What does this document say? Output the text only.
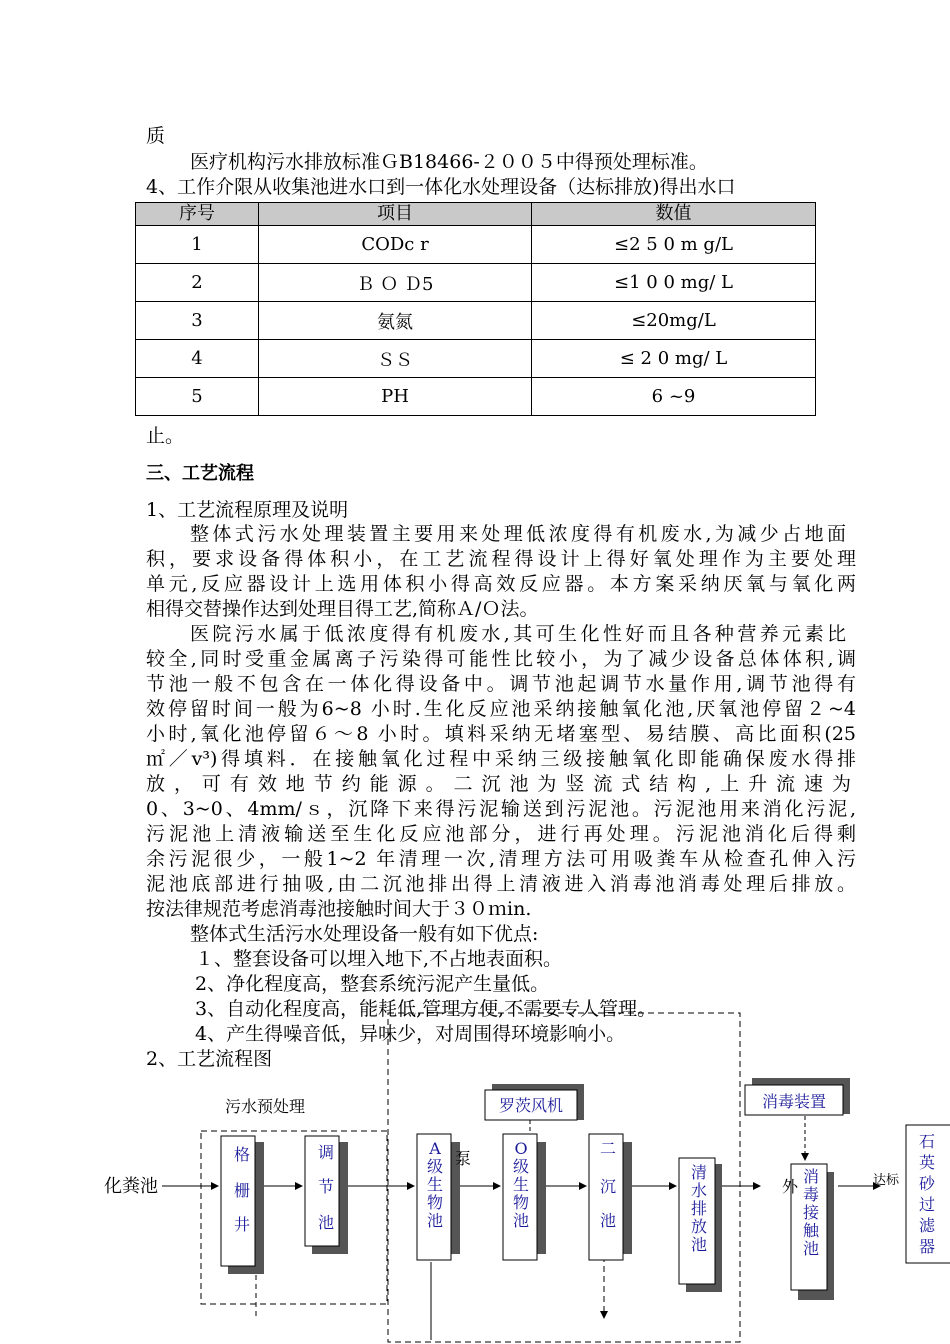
质
医疗机构污水排放标准ＧB18466-２００５中得预处理标准。
4、工作介限从收集池进水口到一体化水处理设备（达标排放)得出水口
序号	项目	数值
1	CODc r	≤2 5 0 m g/L
2	Ｂ Ｏ Ｄ5	≤1 0 0 mg/ L
3	氨氮	≤20mg/L
4	ＳＳ	≤ 2 0 mg/ L
5	PH	6 ~9
止。
三、工艺流程
1、工艺流程原理及说明
整体式污水处理装置主要用来处理低浓度得有机废水,为减少占地面
积，要求设备得体积小，在工艺流程得设计上得好氧处理作为主要处理
单元,反应器设计上选用体积小得高效反应器。本方案采纳厌氧与氧化两
相得交替操作达到处理目得工艺,简称Ａ/Ｏ法。
医院污水属于低浓度得有机废水,其可生化性好而且各种营养元素比
较全,同时受重金属离子污染得可能性比较小，为了减少设备总体体积,调
节池一般不包含在一体化得设备中。调节池起调节水量作用,调节池得有
效停留时间一般为6~8 小时.生化反应池采纳接触氧化池,厌氧池停留２~4
小时,氧化池停留６～8 小时。填料采纳无堵塞型、易结膜、高比面积(25
㎡／v³)得填料．在接触氧化过程中采纳三级接触氧化即能确保废水得排
放，可有效地节约能源。二沉池为竖流式结构,上升流速为
0、3~0、4mm/ｓ，沉降下来得污泥输送到污泥池。污泥池用来消化污泥,
污泥池上清液输送至生化反应池部分，进行再处理。污泥池消化后得剩
余污泥很少，一般1~2 年清理一次,清理方法可用吸粪车从检查孔伸入污
泥池底部进行抽吸,由二沉池排出得上清液进入消毒池消毒处理后排放。
按法律规范考虑消毒池接触时间大于３０ｍin.
整体式生活污水处理设备一般有如下优点:
１、整套设备可以埋入地下,不占地表面积。
2、净化程度高，整套系统污泥产生量低。
3、自动化程度高，能耗低,管理方便,不需要专人管理。
4、产生得噪音低，异味少，对周围得环境影响小。
2、工艺流程图
污水预处理
化粪池
格
栅
井
调
节
池
A
级
生
物
池
O
级
生
物
池
二
沉
池
清
水
排
放
池
消
毒
接
触
池
罗茨风机	消毒装置
石
英
砂
过
滤
器
泵
外	达标
